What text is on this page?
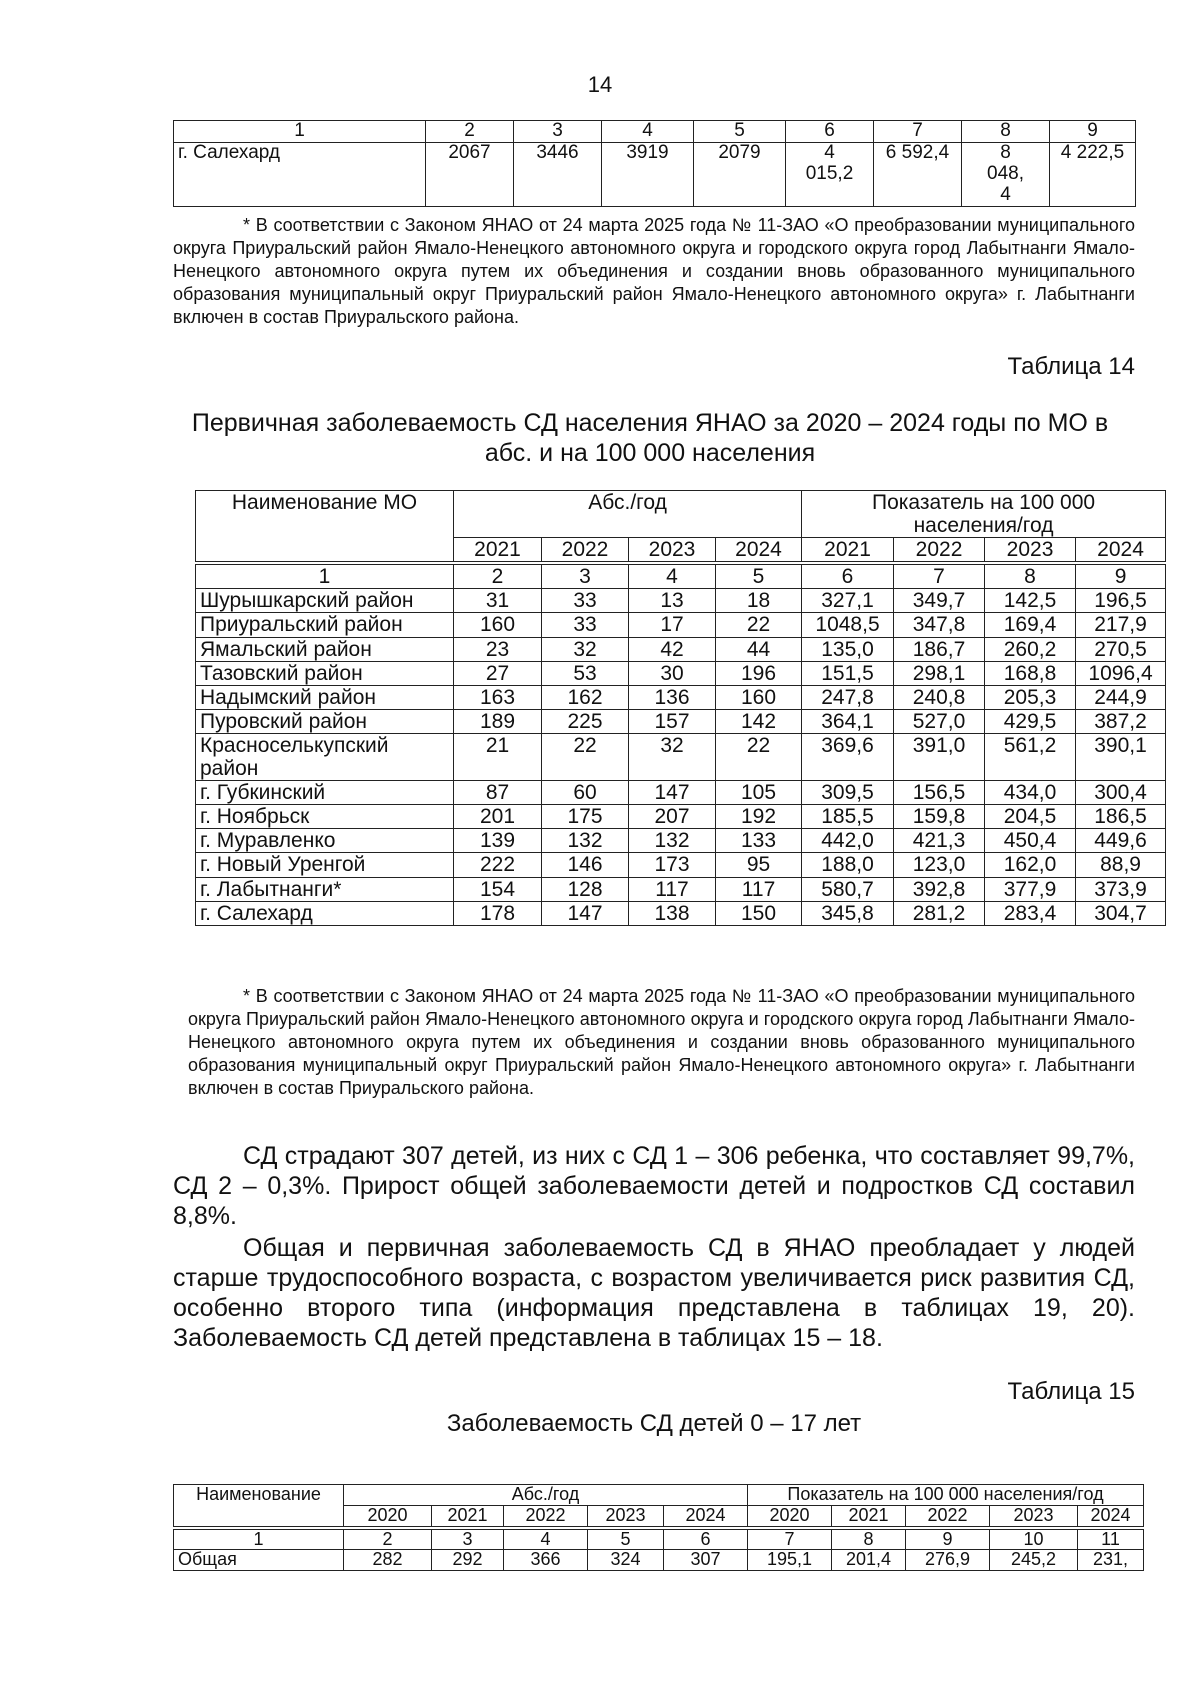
14
1	2	3	4	5	6	7	8	9
г. Салехард	2067	3446	3919	2079	4 015,2	6 592,4	8 048, 4	4 222,5

* В соответствии с Законом ЯНАО от 24 марта 2025 года № 11-ЗАО «О преобразовании муниципального округа Приуральский район Ямало-Ненецкого автономного округа и городского округа город Лабытнанги Ямало-Ненецкого автономного округа путем их объединения и создании вновь образованного муниципального образования муниципальный округ Приуральский район Ямало-Ненецкого автономного округа» г. Лабытнанги включен в состав Приуральского района.

Таблица 14
Первичная заболеваемость СД населения ЯНАО за 2020 – 2024 годы по МО в абс. и на 100 000 населения
Наименование МО	Абс./год				Показатель на 100 000 населения/год			
	2021	2022	2023	2024	2021	2022	2023	2024
1	2	3	4	5	6	7	8	9
Шурышкарский район	31	33	13	18	327,1	349,7	142,5	196,5
Приуральский район	160	33	17	22	1048,5	347,8	169,4	217,9
Ямальский район	23	32	42	44	135,0	186,7	260,2	270,5
Тазовский район	27	53	30	196	151,5	298,1	168,8	1096,4
Надымский район	163	162	136	160	247,8	240,8	205,3	244,9
Пуровский район	189	225	157	142	364,1	527,0	429,5	387,2
Красноселькупский район	21	22	32	22	369,6	391,0	561,2	390,1
г. Губкинский	87	60	147	105	309,5	156,5	434,0	300,4
г. Ноябрьск	201	175	207	192	185,5	159,8	204,5	186,5
г. Муравленко	139	132	132	133	442,0	421,3	450,4	449,6
г. Новый Уренгой	222	146	173	95	188,0	123,0	162,0	88,9
г. Лабытнанги*	154	128	117	117	580,7	392,8	377,9	373,9
г. Салехард	178	147	138	150	345,8	281,2	283,4	304,7

* В соответствии с Законом ЯНАО от 24 марта 2025 года № 11-ЗАО «О преобразовании муниципального округа Приуральский район Ямало-Ненецкого автономного округа и городского округа город Лабытнанги Ямало-Ненецкого автономного округа путем их объединения и создании вновь образованного муниципального образования муниципальный округ Приуральский район Ямало-Ненецкого автономного округа» г. Лабытнанги включен в состав Приуральского района.

СД страдают 307 детей, из них с СД 1 – 306 ребенка, что составляет 99,7%, СД 2 – 0,3%. Прирост общей заболеваемости детей и подростков СД составил 8,8%.

Общая и первичная заболеваемость СД в ЯНАО преобладает у людей старше трудоспособного возраста, с возрастом увеличивается риск развития СД, особенно второго типа (информация представлена в таблицах 19, 20). Заболеваемость СД детей представлена в таблицах 15 – 18.

Таблица 15
Заболеваемость СД детей 0 – 17 лет
Наименование	Абс./год					Показатель на 100 000 населения/год				
	2020	2021	2022	2023	2024	2020	2021	2022	2023	2024
1	2	3	4	5	6	7	8	9	10	11
Общая	282	292	366	324	307	195,1	201,4	276,9	245,2	231,
